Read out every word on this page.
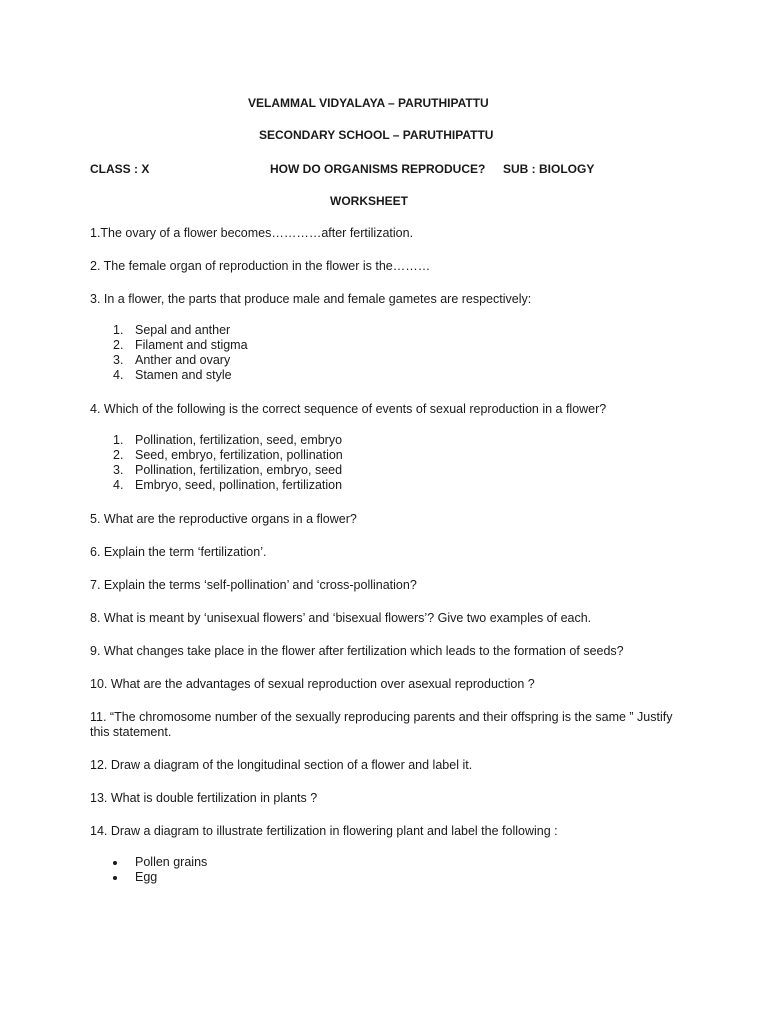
VELAMMAL VIDYALAYA – PARUTHIPATTU
SECONDARY SCHOOL – PARUTHIPATTU
CLASS : X	HOW DO ORGANISMS REPRODUCE? SUB : BIOLOGY
WORKSHEET
1.The ovary of a flower becomes…………after fertilization.
2. The female organ of reproduction in the flower is the………
3. In a flower, the parts that produce male and female gametes are respectively:
1. Sepal and anther
2. Filament and stigma
3. Anther and ovary
4. Stamen and style
4. Which of the following is the correct sequence of events of sexual reproduction in a flower?
1. Pollination, fertilization, seed, embryo
2. Seed, embryo, fertilization, pollination
3. Pollination, fertilization, embryo, seed
4. Embryo, seed, pollination, fertilization
5. What are the reproductive organs in a flower?
6. Explain the term ‘fertilization’.
7. Explain the terms ‘self-pollination’ and ‘cross-pollination?
8. What is meant by ‘unisexual flowers’ and ‘bisexual flowers’? Give two examples of each.
9. What changes take place in the flower after fertilization which leads to the formation of seeds?
10. What are the advantages of sexual reproduction over asexual reproduction ?
11. “The chromosome number of the sexually reproducing parents and their offspring is the same ” Justify this statement.
12. Draw a diagram of the longitudinal section of a flower and label it.
13. What is double fertilization in plants ?
14. Draw a diagram to illustrate fertilization in flowering plant and label the following :
Pollen grains
Egg
